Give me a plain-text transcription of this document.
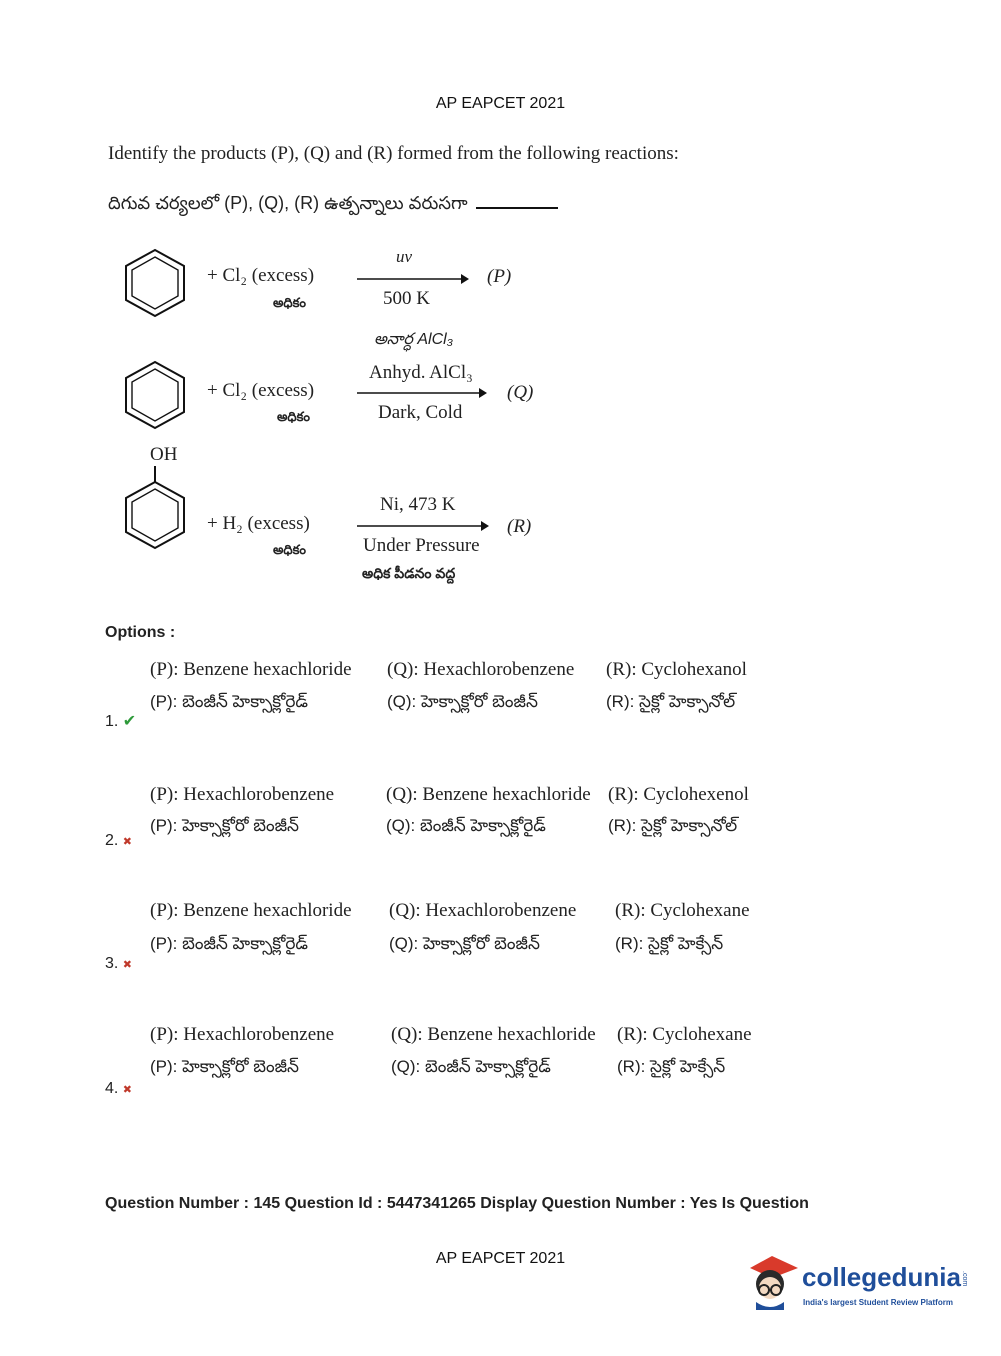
AP EAPCET 2021
Identify the products (P), (Q) and (R) formed from the following reactions:
దిగువ చర్యలలో (P), (Q), (R) ఉత్పన్నాలు వరుసగా
+ Cl₂ (excess)
అధికం
uv
500 K
(P)
+ Cl₂ (excess)
అధికం
అనార్ధ AlCl₃
Anhyd. AlCl₃
Dark, Cold
(Q)
OH
+ H₂ (excess)
అధికం
Ni, 473 K
Under Pressure
అధిక పీడనం వద్ద
(R)
Options :
(P): Benzene hexachloride (Q): Hexachlorobenzene (R): Cyclohexanol
(P): బెంజీన్ హెక్సాక్లోరైడ్	(Q): హెక్సాక్లోరో బెంజీన్	(R): సైక్లో హెక్సానోల్
1. ✔
(P): Hexachlorobenzene	(Q): Benzene hexachloride (R): Cyclohexenol
(P): హెక్సాక్లోరో బెంజీన్	(Q): బెంజీన్ హెక్సాక్లోరైడ్	(R): సైక్లో హెక్సానోల్
2. ✖
(P): Benzene hexachloride (Q): Hexachlorobenzene (R): Cyclohexane
(P): బెంజీన్ హెక్సాక్లోరైడ్	(Q): హెక్సాక్లోరో బెంజీన్	(R): సైక్లో హెక్సేన్
3. ✖
(P): Hexachlorobenzene	(Q): Benzene hexachloride (R): Cyclohexane
(P): హెక్సాక్లోరో బెంజీన్	(Q): బెంజీన్ హెక్సాక్లోరైడ్	(R): సైక్లో హెక్సేన్
4. ✖
Question Number : 145 Question Id : 5447341265 Display Question Number : Yes Is Question
AP EAPCET 2021
collegedunia.com
India's largest Student Review Platform
